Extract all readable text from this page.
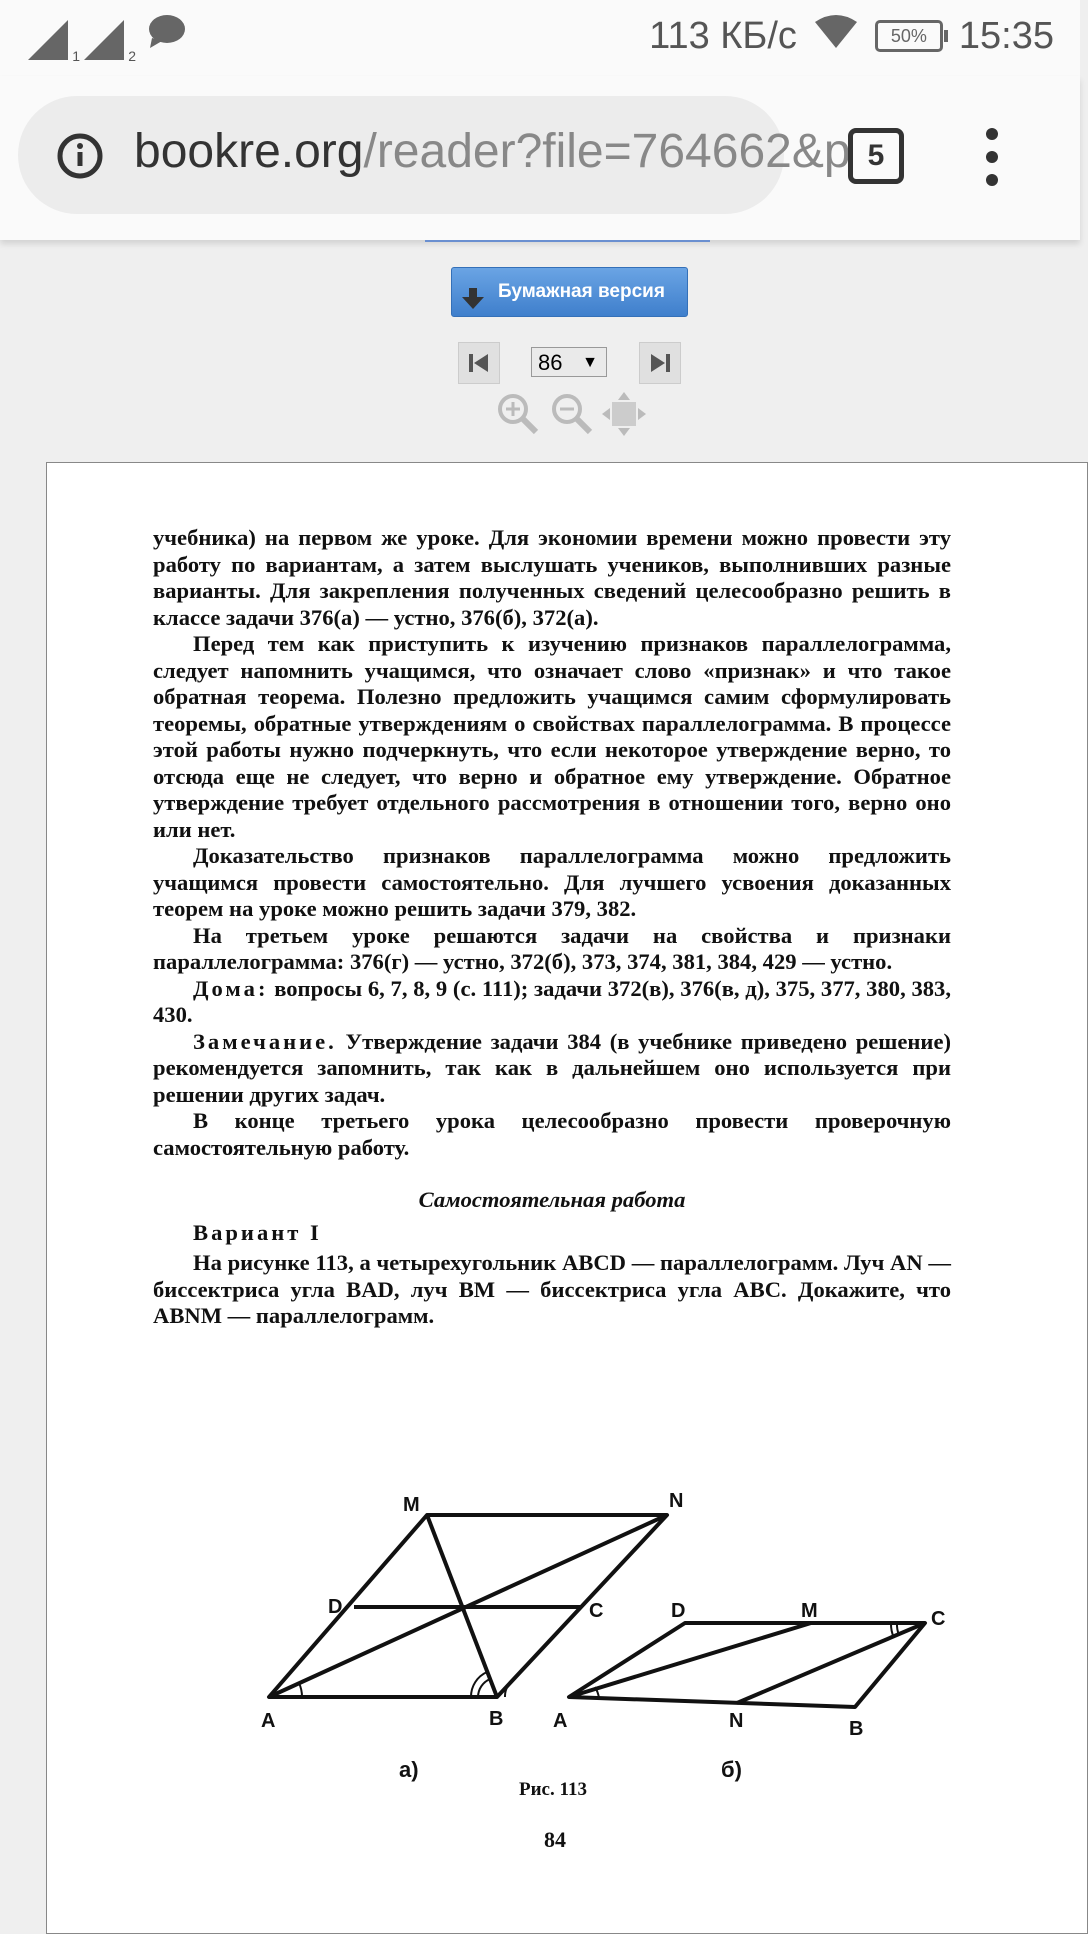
1	2	113 КБ/с	50% 15:35
bookre.org/reader?file=764662&p 5
Бумажная версия
86 ▼

учебника) на первом же уроке. Для экономии времени можно провести эту работу по вариантам, а затем выслушать учеников, выполнивших разные варианты. Для закрепления полученных сведений целесообразно решить в классе задачи 376(а) — устно, 376(б), 372(а).

Перед тем как приступить к изучению признаков параллелограмма, следует напомнить учащимся, что означает слово «признак» и что такое обратная теорема. Полезно предложить учащимся самим сформулировать теоремы, обратные утверждениям о свойствах параллелограмма. В процессе этой работы нужно подчеркнуть, что если некоторое утверждение верно, то отсюда еще не следует, что верно и обратное ему утверждение. Обратное утверждение требует отдельного рассмотрения в отношении того, верно оно или нет.

Доказательство признаков параллелограмма можно предложить учащимся провести самостоятельно. Для лучшего усвоения доказанных теорем на уроке можно решить задачи 379, 382.

На третьем уроке решаются задачи на свойства и признаки параллелограмма: 376(г) — устно, 372(б), 373, 374, 381, 384, 429 — устно.

Дома: вопросы 6, 7, 8, 9 (с. 111); задачи 372(в), 376(в, д), 375, 377, 380, 383, 430.

Замечание. Утверждение задачи 384 (в учебнике приведено решение) рекомендуется запомнить, так как в дальнейшем оно используется при решении других задач.

В конце третьего урока целесообразно провести проверочную самостоятельную работу.

Самостоятельная работа

Вариант I

На рисунке 113, а четырехугольник ABCD — параллелограмм. Луч AN — биссектриса угла BAD, луч BM — биссектриса угла ABC. Докажите, что ABNM — параллелограмм.

M	N
D	C
A	B
D	M	C
A	N	B
а)	б)
Рис. 113
84
